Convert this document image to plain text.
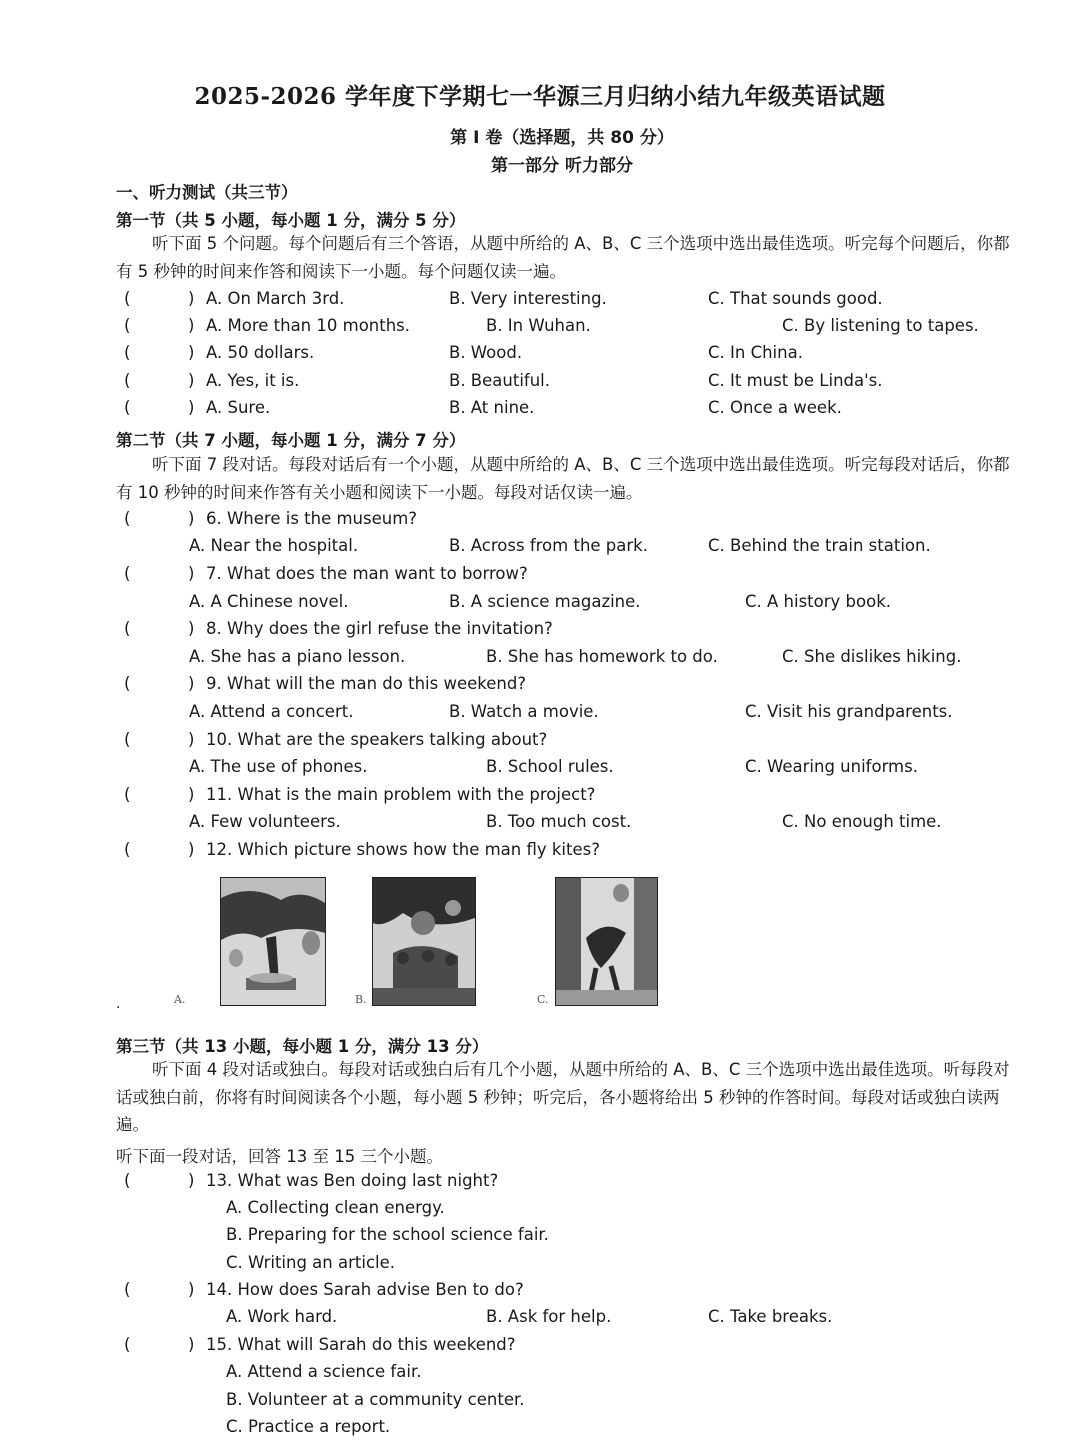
2025-2026 学年度下学期七一华源三月归纳小结九年级英语试题
第 I 卷（选择题，共 80 分）
第一部分 听力部分
一、听力测试（共三节）
第一节（共 5 小题，每小题 1 分，满分 5 分）
听下面 5 个问题。每个问题后有三个答语，从题中所给的 A、B、C 三个选项中选出最佳选项。听完每个问题后，你都有 5 秒钟的时间来作答和阅读下一小题。每个问题仅读一遍。
(	) A. On March 3rd.	B. Very interesting.	C. That sounds good.
(	) A. More than 10 months.	B. In Wuhan.	C. By listening to tapes.
(	) A. 50 dollars.	B. Wood.	C. In China.
(	) A. Yes, it is.	B. Beautiful.	C. It must be Linda's.
(	) A. Sure.	B. At nine.	C. Once a week.
第二节（共 7 小题，每小题 1 分，满分 7 分）
听下面 7 段对话。每段对话后有一个小题，从题中所给的 A、B、C 三个选项中选出最佳选项。听完每段对话后，你都有 10 秒钟的时间来作答有关小题和阅读下一小题。每段对话仅读一遍。
(	) 6. Where is the museum?
A. Near the hospital.	B. Across from the park.	C. Behind the train station.
(	) 7. What does the man want to borrow?
A. A Chinese novel.	B. A science magazine.	C. A history book.
(	) 8. Why does the girl refuse the invitation?
A. She has a piano lesson.	B. She has homework to do.	C. She dislikes hiking.
(	) 9. What will the man do this weekend?
A. Attend a concert.	B. Watch a movie.	C. Visit his grandparents.
(	) 10. What are the speakers talking about?
A. The use of phones.	B. School rules.	C. Wearing uniforms.
(	) 11. What is the main problem with the project?
A. Few volunteers.	B. Too much cost.	C. No enough time.
(	) 12. Which picture shows how the man fly kites?
.	A.	B.	C.
第三节（共 13 小题，每小题 1 分，满分 13 分）
听下面 4 段对话或独白。每段对话或独白后有几个小题，从题中所给的 A、B、C 三个选项中选出最佳选项。听每段对话或独白前，你将有时间阅读各个小题，每小题 5 秒钟；听完后，各小题将给出 5 秒钟的作答时间。每段对话或独白读两遍。
听下面一段对话，回答 13 至 15 三个小题。
(	) 13. What was Ben doing last night?
A. Collecting clean energy.
B. Preparing for the school science fair.
C. Writing an article.
(	) 14. How does Sarah advise Ben to do?
A. Work hard.	B. Ask for help.	C. Take breaks.
(	) 15. What will Sarah do this weekend?
A. Attend a science fair.
B. Volunteer at a community center.
C. Practice a report.
